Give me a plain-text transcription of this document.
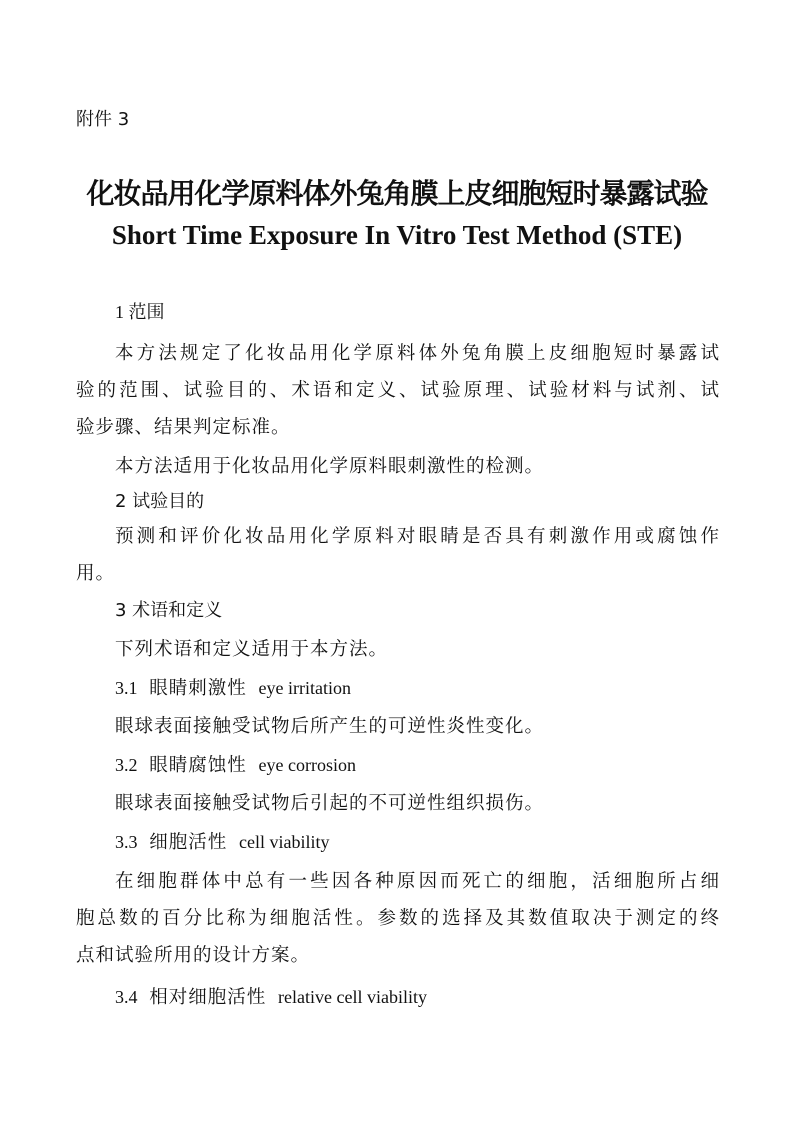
附件 3
化妆品用化学原料体外兔角膜上皮细胞短时暴露试验
Short Time Exposure In Vitro Test Method (STE)
1 范围
本方法规定了化妆品用化学原料体外兔角膜上皮细胞短时暴露试
验的范围、试验目的、术语和定义、试验原理、试验材料与试剂、试
验步骤、结果判定标准。
本方法适用于化妆品用化学原料眼刺激性的检测。
2 试验目的
预测和评价化妆品用化学原料对眼睛是否具有刺激作用或腐蚀作
用。
3 术语和定义
下列术语和定义适用于本方法。
3.1 眼睛刺激性 eye irritation
眼球表面接触受试物后所产生的可逆性炎性变化。
3.2 眼睛腐蚀性 eye corrosion
眼球表面接触受试物后引起的不可逆性组织损伤。
3.3 细胞活性 cell viability
在细胞群体中总有一些因各种原因而死亡的细胞，活细胞所占细
胞总数的百分比称为细胞活性。参数的选择及其数值取决于测定的终
点和试验所用的设计方案。
3.4 相对细胞活性 relative cell viability
